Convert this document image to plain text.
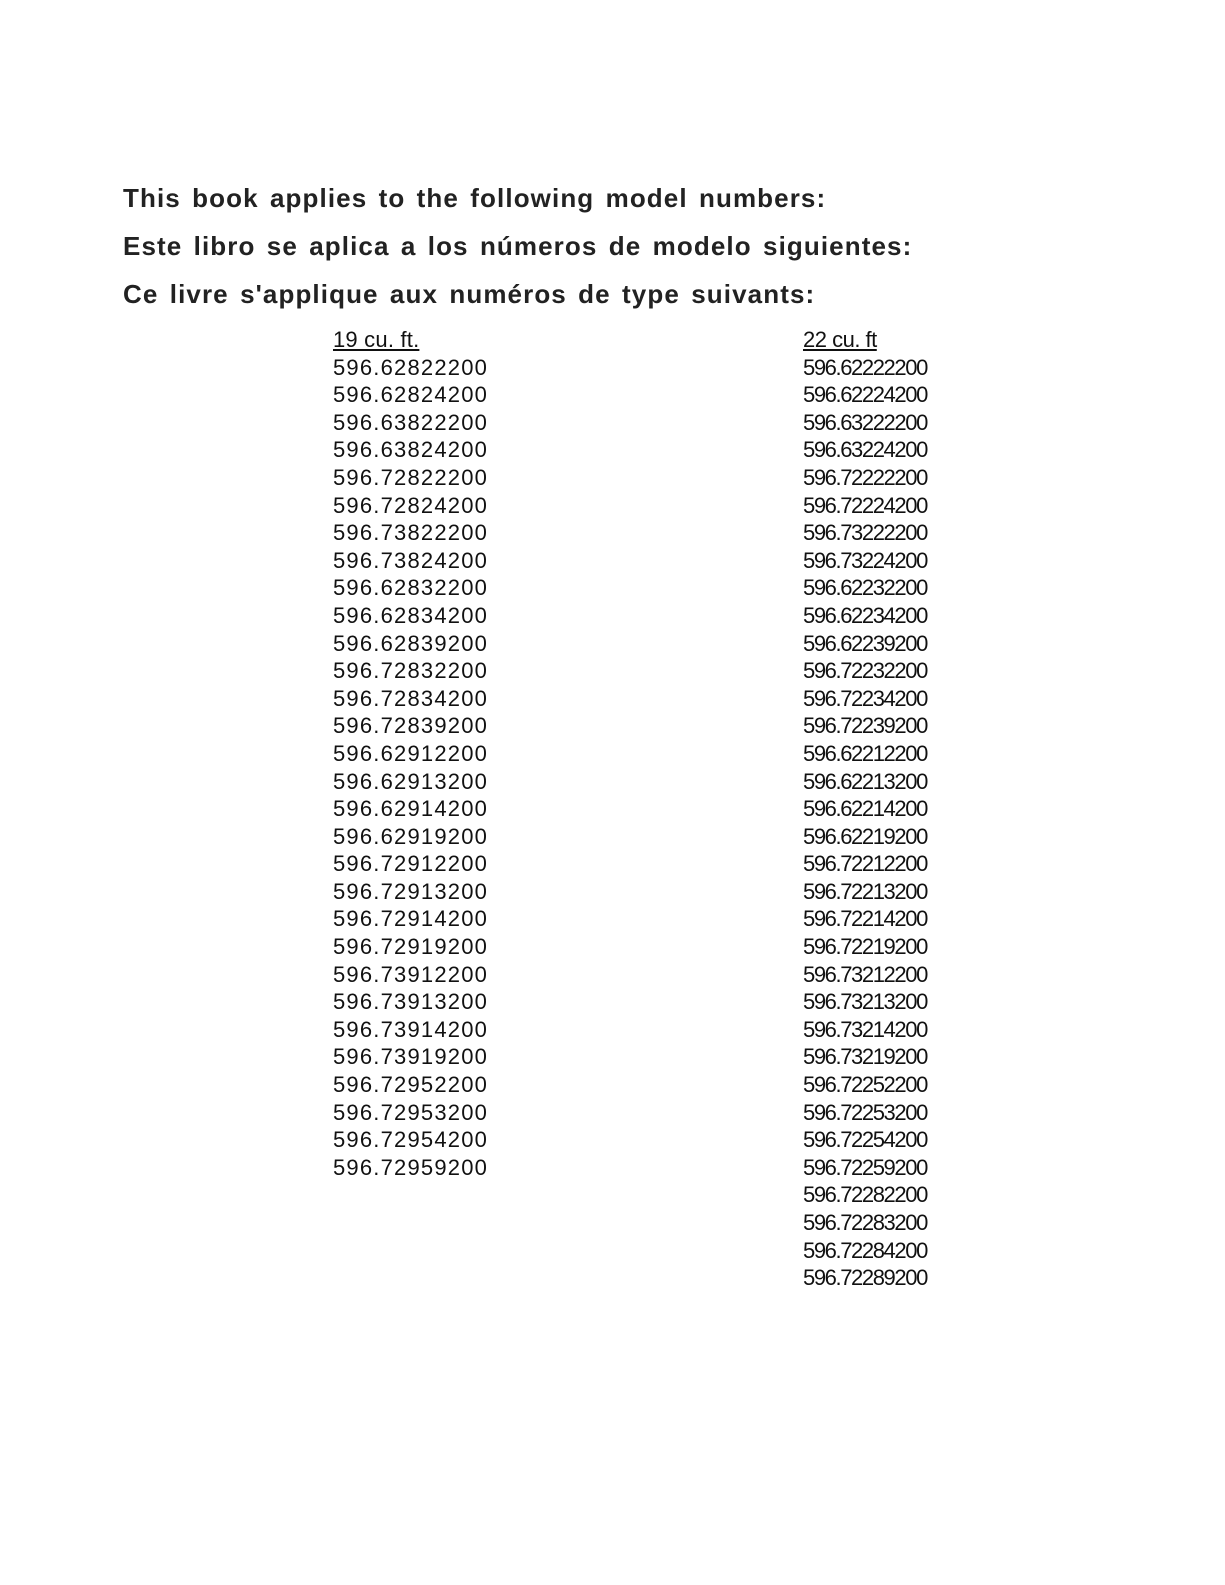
This book applies to the following model numbers:

Este libro se aplica a los números de modelo siguientes:

Ce livre s'applique aux numéros de type suivants:

19 cu. ft.
596.62822200
596.62824200
596.63822200
596.63824200
596.72822200
596.72824200
596.73822200
596.73824200
596.62832200
596.62834200
596.62839200
596.72832200
596.72834200
596.72839200
596.62912200
596.62913200
596.62914200
596.62919200
596.72912200
596.72913200
596.72914200
596.72919200
596.73912200
596.73913200
596.73914200
596.73919200
596.72952200
596.72953200
596.72954200
596.72959200
22 cu. ft
596.62222200
596.62224200
596.63222200
596.63224200
596.72222200
596.72224200
596.73222200
596.73224200
596.62232200
596.62234200
596.62239200
596.72232200
596.72234200
596.72239200
596.62212200
596.62213200
596.62214200
596.62219200
596.72212200
596.72213200
596.72214200
596.72219200
596.73212200
596.73213200
596.73214200
596.73219200
596.72252200
596.72253200
596.72254200
596.72259200
596.72282200
596.72283200
596.72284200
596.72289200
